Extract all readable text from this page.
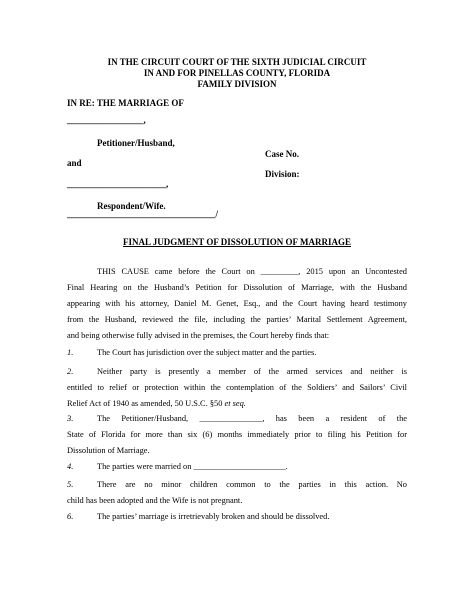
IN THE CIRCUIT COURT OF THE SIXTH JUDICIAL CIRCUIT
IN AND FOR PINELLAS COUNTY, FLORIDA
FAMILY DIVISION
IN RE: THE MARRIAGE OF
_________________,
Petitioner/Husband,
and
______________________,
Respondent/Wife.
_________________________________/
Case No.
Division:
FINAL JUDGMENT OF DISSOLUTION OF MARRIAGE
THIS CAUSE came before the Court on _________, 2015 upon an Uncontested
Final Hearing on the Husband’s Petition for Dissolution of Marriage, with the Husband
appearing with his attorney, Daniel M. Genet, Esq., and the Court having heard testimony
from the Husband, reviewed the file, including the parties’ Marital Settlement Agreement,
and being otherwise fully advised in the premises, the Court hereby finds that:
1.	The Court has jurisdiction over the subject matter and the parties.
2.	Neither party is presently a member of the armed services and neither is
entitled to relief or protection within the contemplation of the Soldiers’ and Sailors’ Civil
Relief Act of 1940 as amended, 50 U.S.C. §50 et seq.
3.	The Petitioner/Husband, _______________, has been a resident of the
State of Florida for more than six (6) months immediately prior to filing his Petition for
Dissolution of Marriage.
4.	The parties were married on ______________________.
5.	There are no minor children common to the parties in this action. No
child has been adopted and the Wife is not pregnant.
6.	The parties’ marriage is irretrievably broken and should be dissolved.
